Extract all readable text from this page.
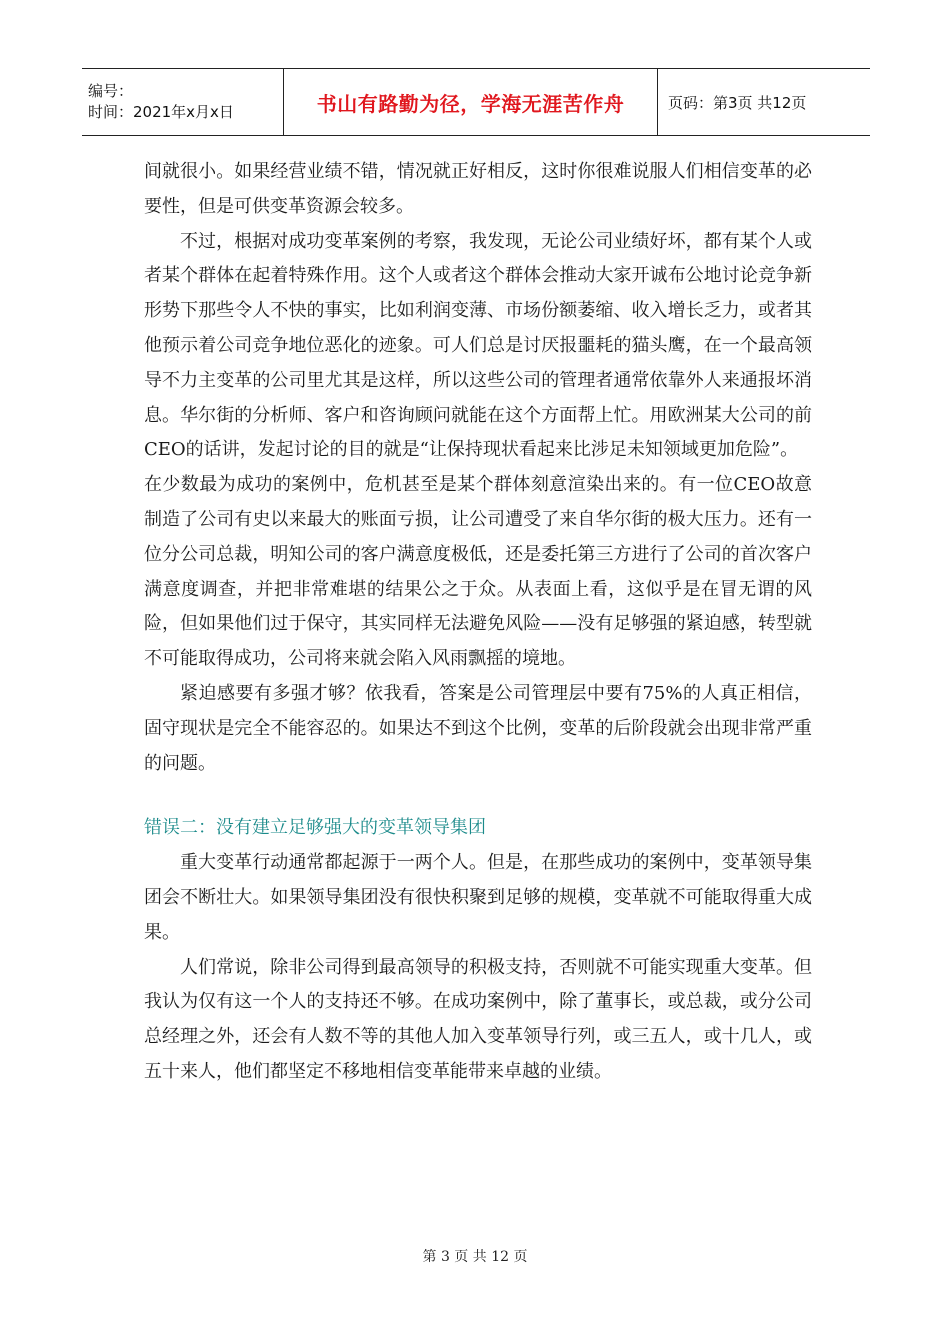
编号：
时间：2021年x月x日	书山有路勤为径，学海无涯苦作舟	页码：第3页 共12页

间就很小。如果经营业绩不错，情况就正好相反，这时你很难说服人们相信变革的必要性，但是可供变革资源会较多。

不过，根据对成功变革案例的考察，我发现，无论公司业绩好坏，都有某个人或者某个群体在起着特殊作用。这个人或者这个群体会推动大家开诚布公地讨论竞争新形势下那些令人不快的事实，比如利润变薄、市场份额萎缩、收入增长乏力，或者其他预示着公司竞争地位恶化的迹象。可人们总是讨厌报噩耗的猫头鹰，在一个最高领导不力主变革的公司里尤其是这样，所以这些公司的管理者通常依靠外人来通报坏消息。华尔街的分析师、客户和咨询顾问就能在这个方面帮上忙。用欧洲某大公司的前CEO的话讲，发起讨论的目的就是“让保持现状看起来比涉足未知领域更加危险”。

在少数最为成功的案例中，危机甚至是某个群体刻意渲染出来的。有一位CEO故意制造了公司有史以来最大的账面亏损，让公司遭受了来自华尔街的极大压力。还有一位分公司总裁，明知公司的客户满意度极低，还是委托第三方进行了公司的首次客户满意度调查，并把非常难堪的结果公之于众。从表面上看，这似乎是在冒无谓的风险，但如果他们过于保守，其实同样无法避免风险——没有足够强的紧迫感，转型就不可能取得成功，公司将来就会陷入风雨飘摇的境地。

紧迫感要有多强才够？依我看，答案是公司管理层中要有75%的人真正相信，固守现状是完全不能容忍的。如果达不到这个比例，变革的后阶段就会出现非常严重的问题。

错误二：没有建立足够强大的变革领导集团

重大变革行动通常都起源于一两个人。但是，在那些成功的案例中，变革领导集团会不断壮大。如果领导集团没有很快积聚到足够的规模，变革就不可能取得重大成果。

人们常说，除非公司得到最高领导的积极支持，否则就不可能实现重大变革。但我认为仅有这一个人的支持还不够。在成功案例中，除了董事长，或总裁，或分公司总经理之外，还会有人数不等的其他人加入变革领导行列，或三五人，或十几人，或五十来人，他们都坚定不移地相信变革能带来卓越的业绩。

第 3 页 共 12 页
